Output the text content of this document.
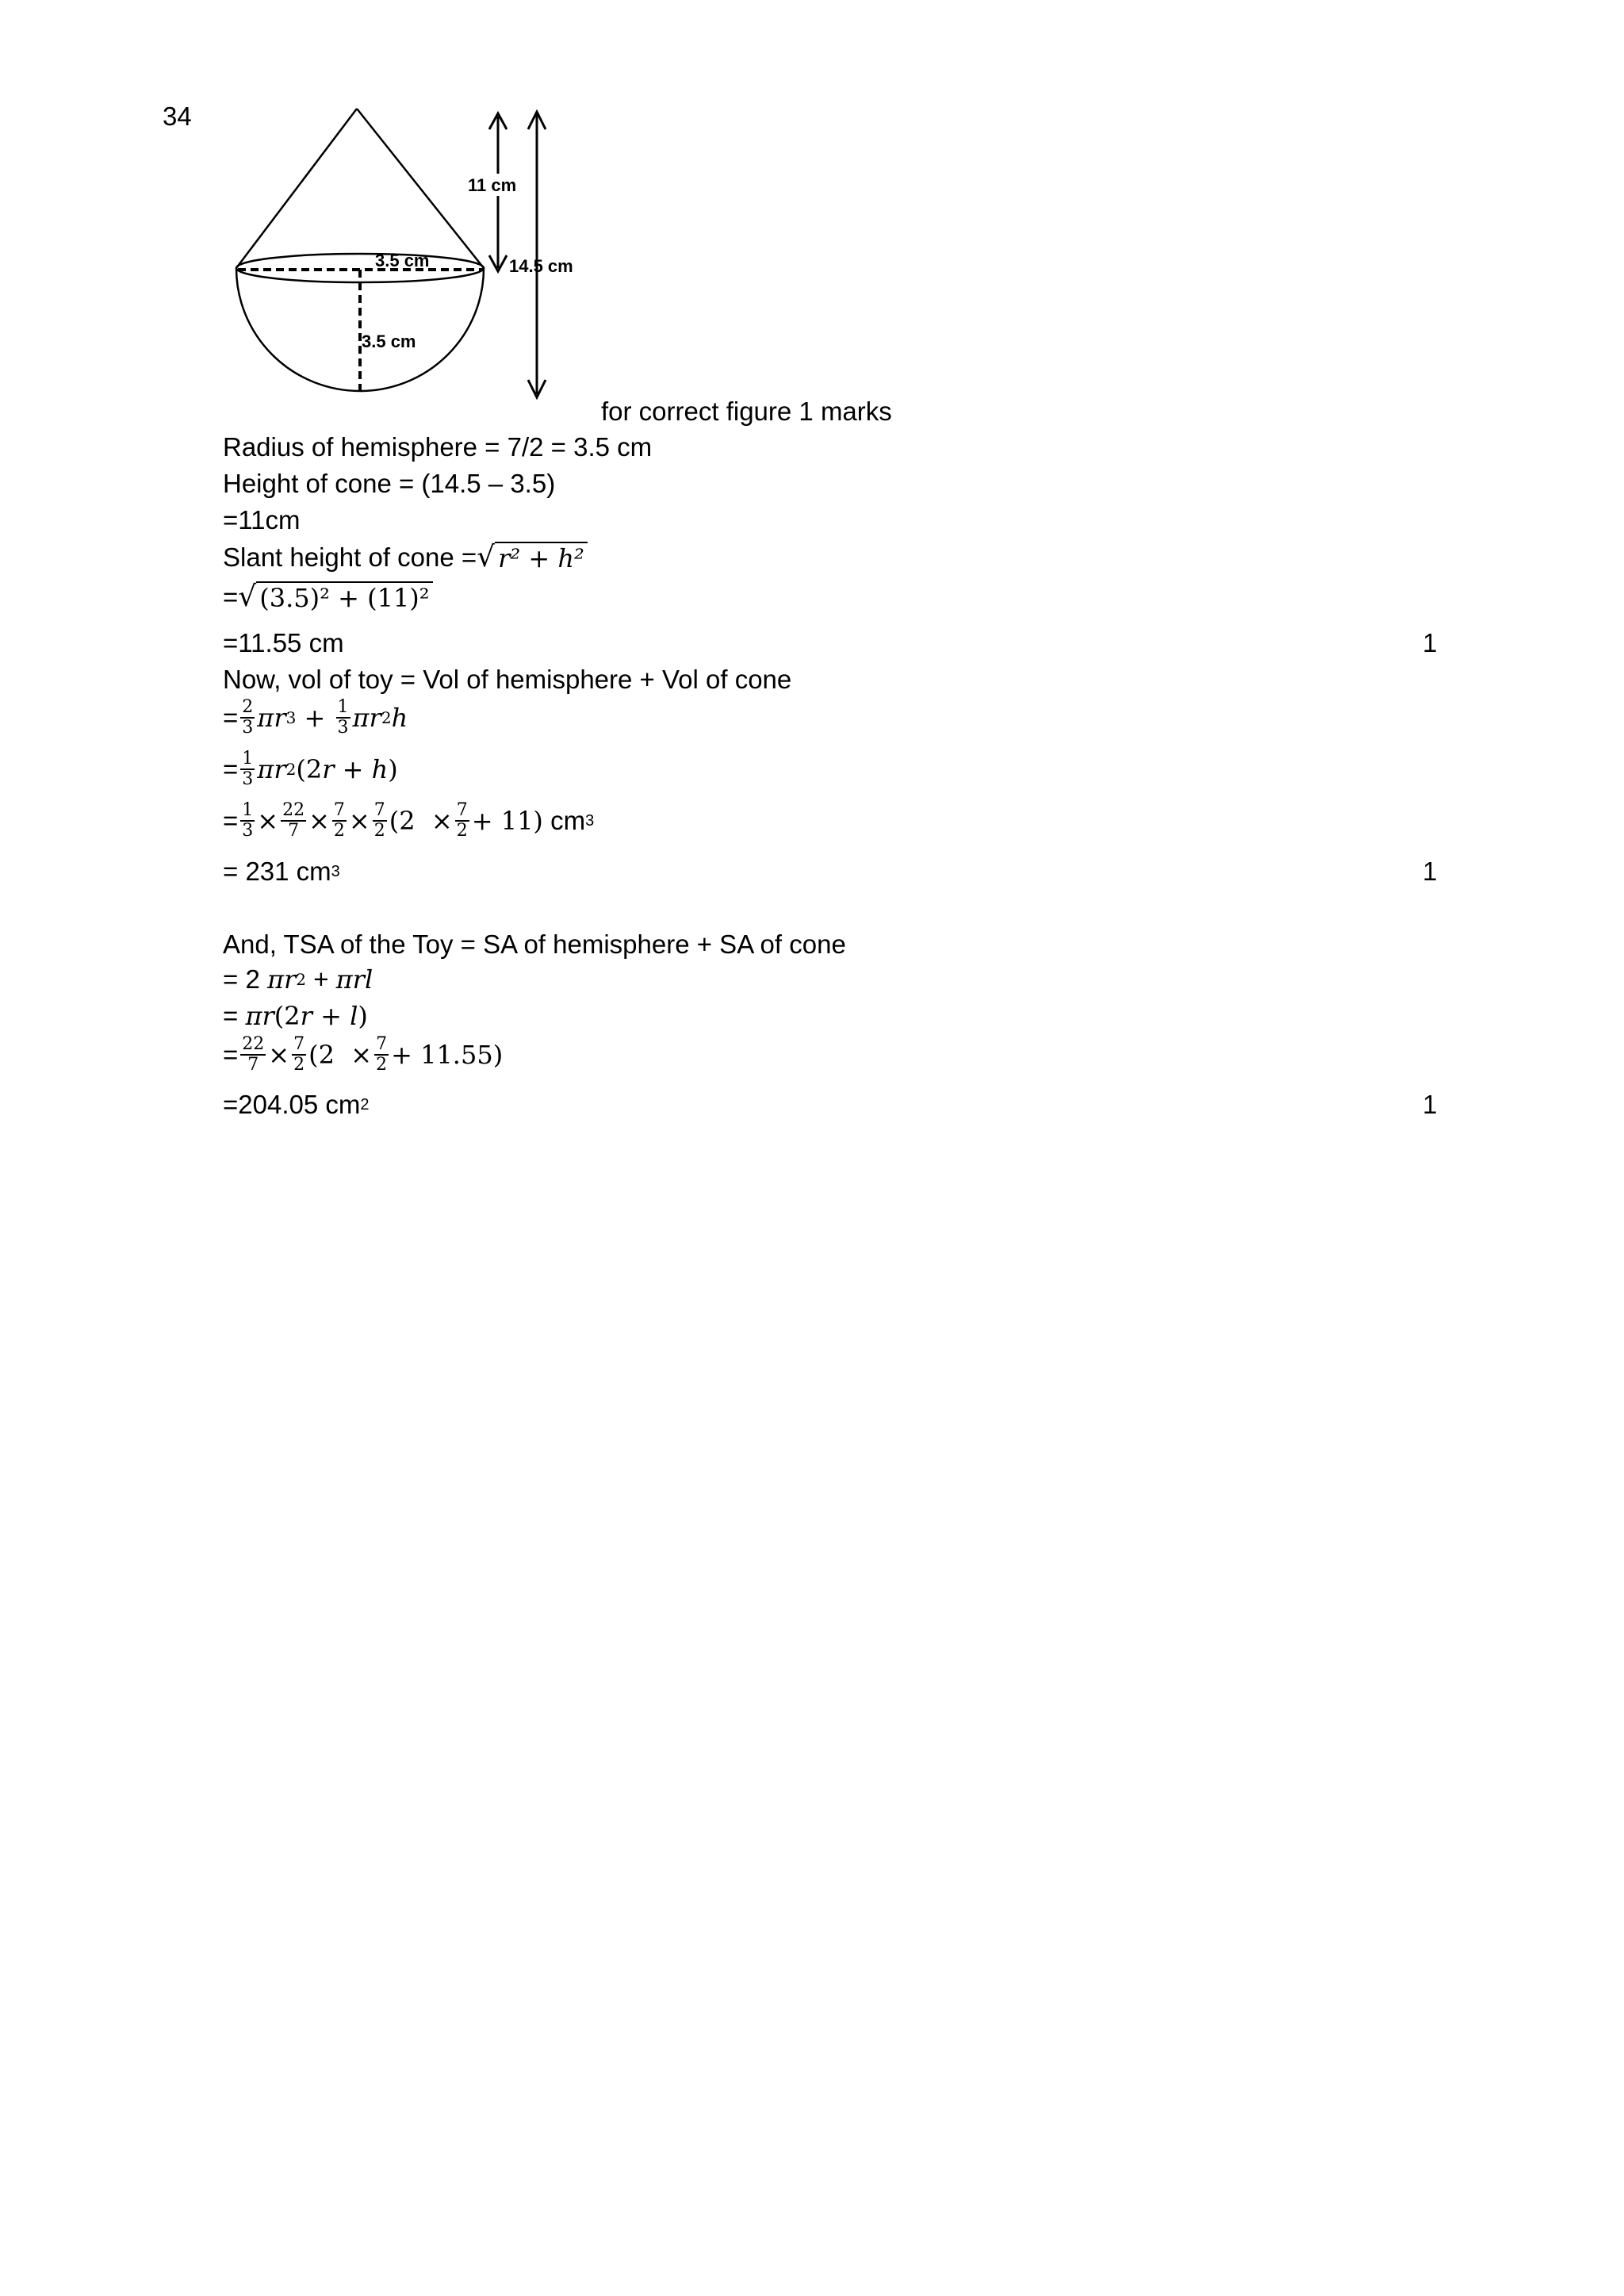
34
11 cm
3.5 cm	14.5 cm
3.5 cm
for correct figure 1 marks
Radius of hemisphere = 7/2 = 3.5 cm
Height of cone = (14.5 – 3.5)
=11cm
Slant height of cone = √ r² + h²
= √ (3.5)² + (11)²
=11.55 cm	1
Now, vol of toy = Vol of hemisphere + Vol of cone
= $\frac{2}{3}$ πr $3 + \frac{1}{3}$ πr 2 h
= $\frac{1}{3}$ πr 2 (2 r + h )
= $\frac{1}{3} \times \frac{22}{7} \times \frac{7}{2} \times \frac{7}{2} (2 \times \frac{7}{2} + 11)$ cm 3
= 231 cm 3	1
And, TSA of the Toy = SA of hemisphere + SA of cone
= 2 πr 2 + πrl
= πr (2 r + l )
= $\frac{22}{7} \times \frac{7}{2} (2 \times \frac{7}{2} + 11.55)$
=204.05 cm 2	1
